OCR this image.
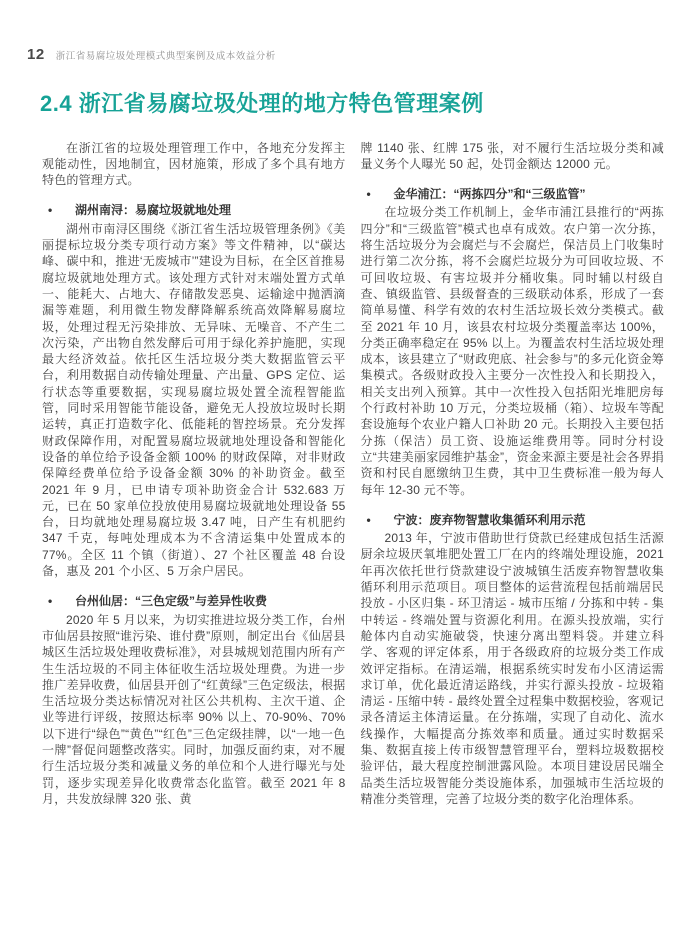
12 浙江省易腐垃圾处理模式典型案例及成本效益分析
2.4 浙江省易腐垃圾处理的地方特色管理案例

在浙江省的垃圾处理管理工作中，各地充分发挥主观能动性，因地制宜，因材施策，形成了多个具有地方特色的管理方式。

• 湖州南浔：易腐垃圾就地处理

湖州市南浔区围绕《浙江省生活垃圾管理条例》《美丽提标垃圾分类专项行动方案》等文件精神，以“碳达峰、碳中和，推进‘无废城市’”建设为目标，在全区首推易腐垃圾就地处理方式。该处理方式针对末端处置方式单一、能耗大、占地大、存储散发恶臭、运输途中抛洒滴漏等难题，利用微生物发酵降解系统高效降解易腐垃圾，处理过程无污染排放、无异味、无噪音、不产生二次污染，产出物自然发酵后可用于绿化养护施肥，实现最大经济效益。依托区生活垃圾分类大数据监管云平台，利用数据自动传输处理量、产出量、GPS 定位、运行状态等重要数据，实现易腐垃圾处置全流程智能监管，同时采用智能节能设备，避免无人投放垃圾时长期运转，真正打造数字化、低能耗的智控场景。充分发挥财政保障作用，对配置易腐垃圾就地处理设备和智能化设备的单位给予设备金额 100% 的财政保障，对非财政保障经费单位给予设备金额 30% 的补助资金。截至 2021 年 9 月，已申请专项补助资金合计 532.683 万元，已在 50 家单位投放使用易腐垃圾就地处理设备 55 台，日均就地处理易腐垃圾 3.47 吨，日产生有机肥约 347 千克，每吨处理成本为不含清运集中处置成本的 77%。全区 11 个镇（街道）、27 个社区覆盖 48 台设备，惠及 201 个小区、5 万余户居民。

• 台州仙居：“三色定级”与差异性收费

2020 年 5 月以来，为切实推进垃圾分类工作，台州市仙居县按照“谁污染、谁付费”原则，制定出台《仙居县城区生活垃圾处理收费标准》，对县城规划范围内所有产生生活垃圾的不同主体征收生活垃圾处理费。为进一步推广差异收费，仙居县开创了“红黄绿”三色定级法，根据生活垃圾分类达标情况对社区公共机构、主次干道、企业等进行评级，按照达标率 90% 以上、70-90%、70% 以下进行“绿色”“黄色”“红色”三色定级挂牌，以“一地一色一牌”督促问题整改落实。同时，加强反面约束，对不履行生活垃圾分类和减量义务的单位和个人进行曝光与处罚，逐步实现差异化收费常态化监管。截至 2021 年 8 月，共发放绿牌 320 张、黄

牌 1140 张、红牌 175 张，对不履行生活垃圾分类和减量义务个人曝光 50 起，处罚金额达 12000 元。

• 金华浦江：“两拣四分”和“三级监管”

在垃圾分类工作机制上，金华市浦江县推行的“两拣四分”和“三级监管”模式也卓有成效。农户第一次分拣，将生活垃圾分为会腐烂与不会腐烂，保洁员上门收集时进行第二次分拣，将不会腐烂垃圾分为可回收垃圾、不可回收垃圾、有害垃圾并分桶收集。同时辅以村级自查、镇级监管、县级督查的三级联动体系，形成了一套简单易懂、科学有效的农村生活垃圾长效分类模式。截至 2021 年 10 月，该县农村垃圾分类覆盖率达 100%，分类正确率稳定在 95% 以上。为覆盖农村生活垃圾处理成本，该县建立了“财政兜底、社会参与”的多元化资金筹集模式。各级财政投入主要分一次性投入和长期投入，相关支出列入预算。其中一次性投入包括阳光堆肥房每个行政村补助 10 万元，分类垃圾桶（箱）、垃圾车等配套设施每个农业户籍人口补助 20 元。长期投入主要包括分拣（保洁）员工资、设施运维费用等。同时分村设立“共建美丽家园维护基金”，资金来源主要是社会各界捐资和村民自愿缴纳卫生费，其中卫生费标准一般为每人每年 12-30 元不等。

• 宁波：废弃物智慧收集循环利用示范

2013 年，宁波市借助世行贷款已经建成包括生活源厨余垃圾厌氧堆肥处置工厂在内的终端处理设施，2021 年再次依托世行贷款建设宁波城镇生活废弃物智慧收集循环利用示范项目。项目整体的运营流程包括前端居民投放 - 小区归集 - 环卫清运 - 城市压缩 / 分拣和中转 - 集中转运 - 终端处置与资源化利用。在源头投放端，实行舱体内自动实施破袋，快速分离出塑料袋。并建立科学、客观的评定体系，用于各级政府的垃圾分类工作成效评定指标。在清运端，根据系统实时发布小区清运需求订单，优化最近清运路线，并实行源头投放 - 垃圾箱清运 - 压缩中转 - 最终处置全过程集中数据校验，客观记录各清运主体清运量。在分拣端，实现了自动化、流水线操作，大幅提高分拣效率和质量。通过实时数据采集、数据直接上传市级智慧管理平台，塑料垃圾数据校验评估，最大程度控制泄露风险。本项目建设居民端全品类生活垃圾智能分类设施体系，加强城市生活垃圾的精准分类管理，完善了垃圾分类的数字化治理体系。
